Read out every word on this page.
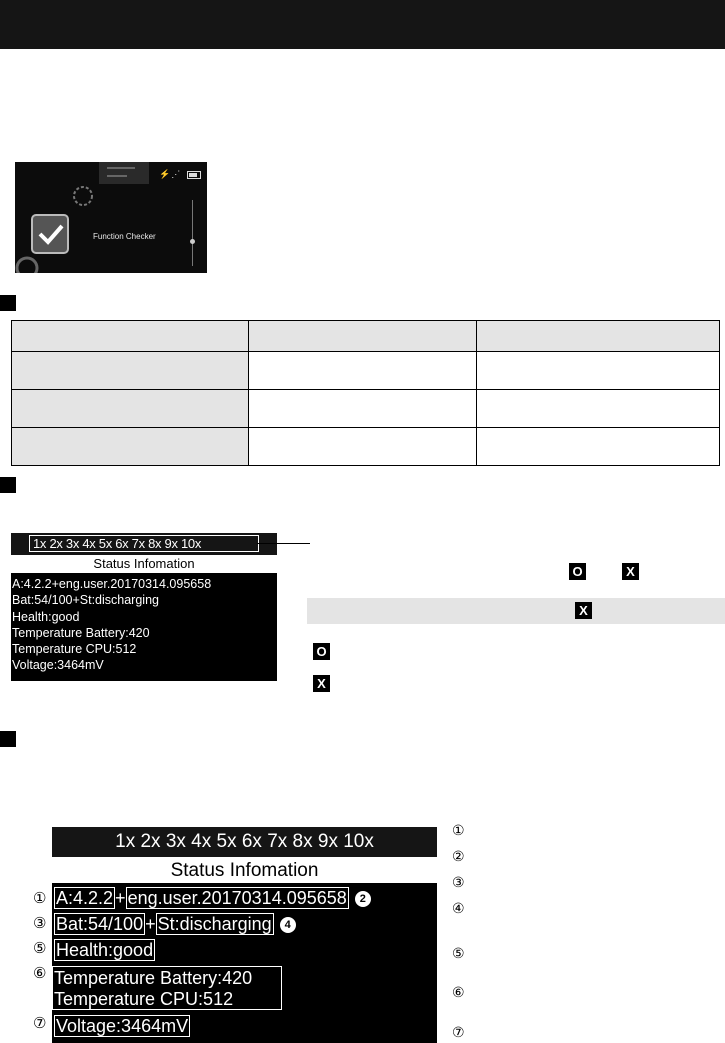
⚡⋰
Function Checker

1x 2x 3x 4x 5x 6x 7x 8x 9x 10x
Status Infomation
A:4.2.2+eng.user.20170314.095658
Bat:54/100+St:discharging
Health:good
Temperature Battery:420
Temperature CPU:512
Voltage:3464mV
O	X
X
O
X
1x 2x 3x 4x 5x 6x 7x 8x 9x 10x
Status Infomation
A:4.2.2 + eng.user.20170314.095658 2
Bat:54/100 + St:discharging 4
Health:good
Temperature Battery:420
Temperature CPU:512
Voltage:3464mV
①
③
⑤
⑥
⑦
①
②
③
④
⑤
⑥
⑦
